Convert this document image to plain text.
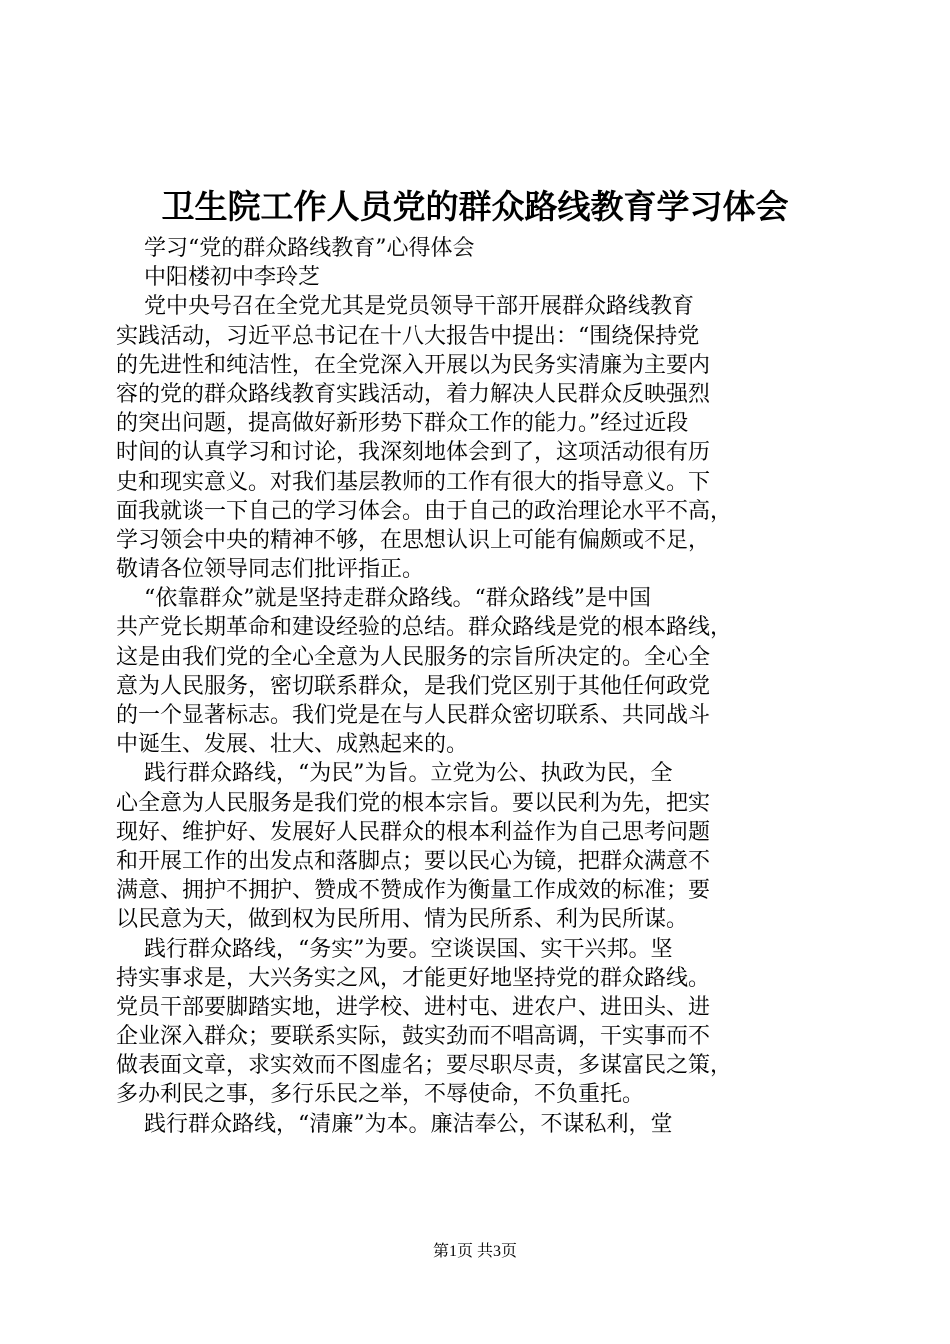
卫生院工作人员党的群众路线教育学习体会
学习“党的群众路线教育”心得体会
中阳楼初中李玲芝
党中央号召在全党尤其是党员领导干部开展群众路线教育
实践活动，习近平总书记在十八大报告中提出：“围绕保持党
的先进性和纯洁性，在全党深入开展以为民务实清廉为主要内
容的党的群众路线教育实践活动，着力解决人民群众反映强烈
的突出问题，提高做好新形势下群众工作的能力。”经过近段
时间的认真学习和讨论，我深刻地体会到了，这项活动很有历
史和现实意义。对我们基层教师的工作有很大的指导意义。下
面我就谈一下自己的学习体会。由于自己的政治理论水平不高，
学习领会中央的精神不够，在思想认识上可能有偏颇或不足，
敬请各位领导同志们批评指正。
“依靠群众”就是坚持走群众路线。“群众路线”是中国
共产党长期革命和建设经验的总结。群众路线是党的根本路线，
这是由我们党的全心全意为人民服务的宗旨所决定的。全心全
意为人民服务，密切联系群众，是我们党区别于其他任何政党
的一个显著标志。我们党是在与人民群众密切联系、共同战斗
中诞生、发展、壮大、成熟起来的。
践行群众路线，“为民”为旨。立党为公、执政为民，全
心全意为人民服务是我们党的根本宗旨。要以民利为先，把实
现好、维护好、发展好人民群众的根本利益作为自己思考问题
和开展工作的出发点和落脚点；要以民心为镜，把群众满意不
满意、拥护不拥护、赞成不赞成作为衡量工作成效的标准；要
以民意为天，做到权为民所用、情为民所系、利为民所谋。
践行群众路线，“务实”为要。空谈误国、实干兴邦。坚
持实事求是，大兴务实之风，才能更好地坚持党的群众路线。
党员干部要脚踏实地，进学校、进村屯、进农户、进田头、进
企业深入群众；要联系实际，鼓实劲而不唱高调，干实事而不
做表面文章，求实效而不图虚名；要尽职尽责，多谋富民之策，
多办利民之事，多行乐民之举，不辱使命，不负重托。
践行群众路线，“清廉”为本。廉洁奉公，不谋私利，堂
第1页 共3页
